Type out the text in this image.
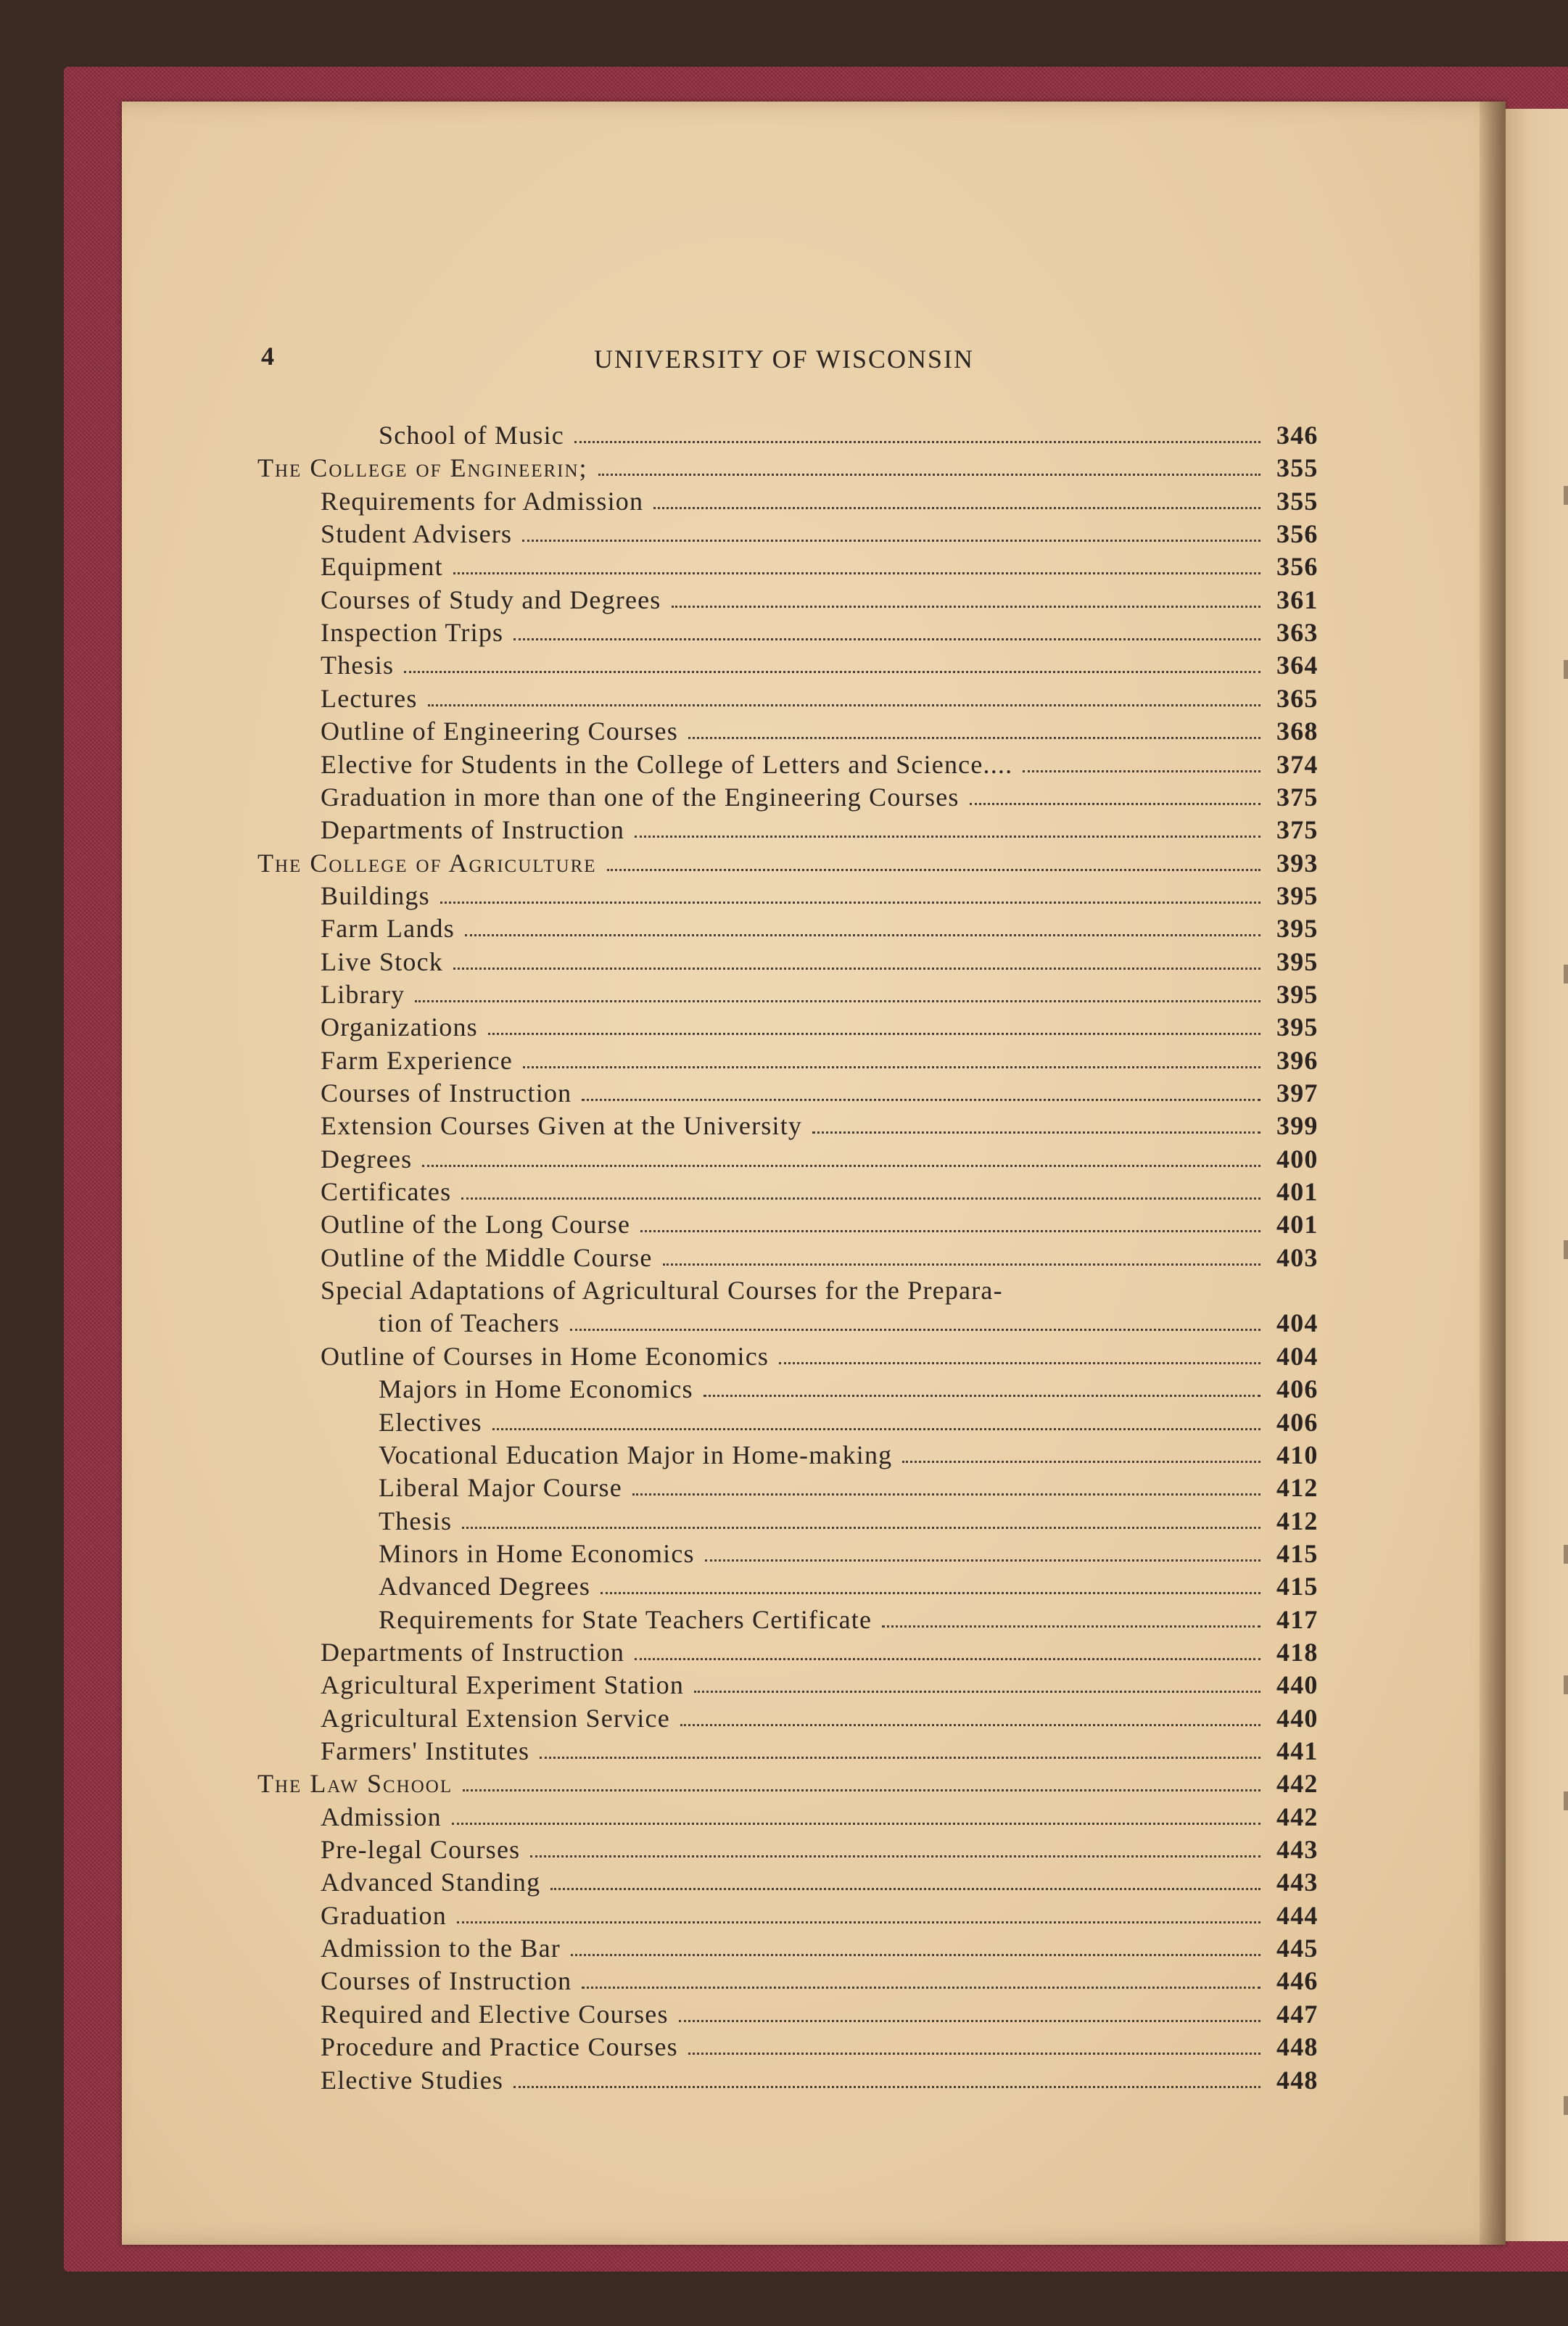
4	UNIVERSITY OF WISCONSIN
School of Music	346
The College of Engineerin;	355
Requirements for Admission	355
Student Advisers	356
Equipment	356
Courses of Study and Degrees	361
Inspection Trips	363
Thesis	364
Lectures	365
Outline of Engineering Courses	368
Elective for Students in the College of Letters and Science....	374
Graduation in more than one of the Engineering Courses	375
Departments of Instruction	375
The College of Agriculture	393
Buildings	395
Farm Lands	395
Live Stock	395
Library	395
Organizations	395
Farm Experience	396
Courses of Instruction	397
Extension Courses Given at the University	399
Degrees	400
Certificates	401
Outline of the Long Course	401
Outline of the Middle Course	403
Special Adaptations of Agricultural Courses for the Prepara-
tion of Teachers	404
Outline of Courses in Home Economics	404
Majors in Home Economics	406
Electives	406
Vocational Education Major in Home-making	410
Liberal Major Course	412
Thesis	412
Minors in Home Economics	415
Advanced Degrees	415
Requirements for State Teachers Certificate	417
Departments of Instruction	418
Agricultural Experiment Station	440
Agricultural Extension Service	440
Farmers' Institutes	441
The Law School	442
Admission	442
Pre-legal Courses	443
Advanced Standing	443
Graduation	444
Admission to the Bar	445
Courses of Instruction	446
Required and Elective Courses	447
Procedure and Practice Courses	448
Elective Studies	448
